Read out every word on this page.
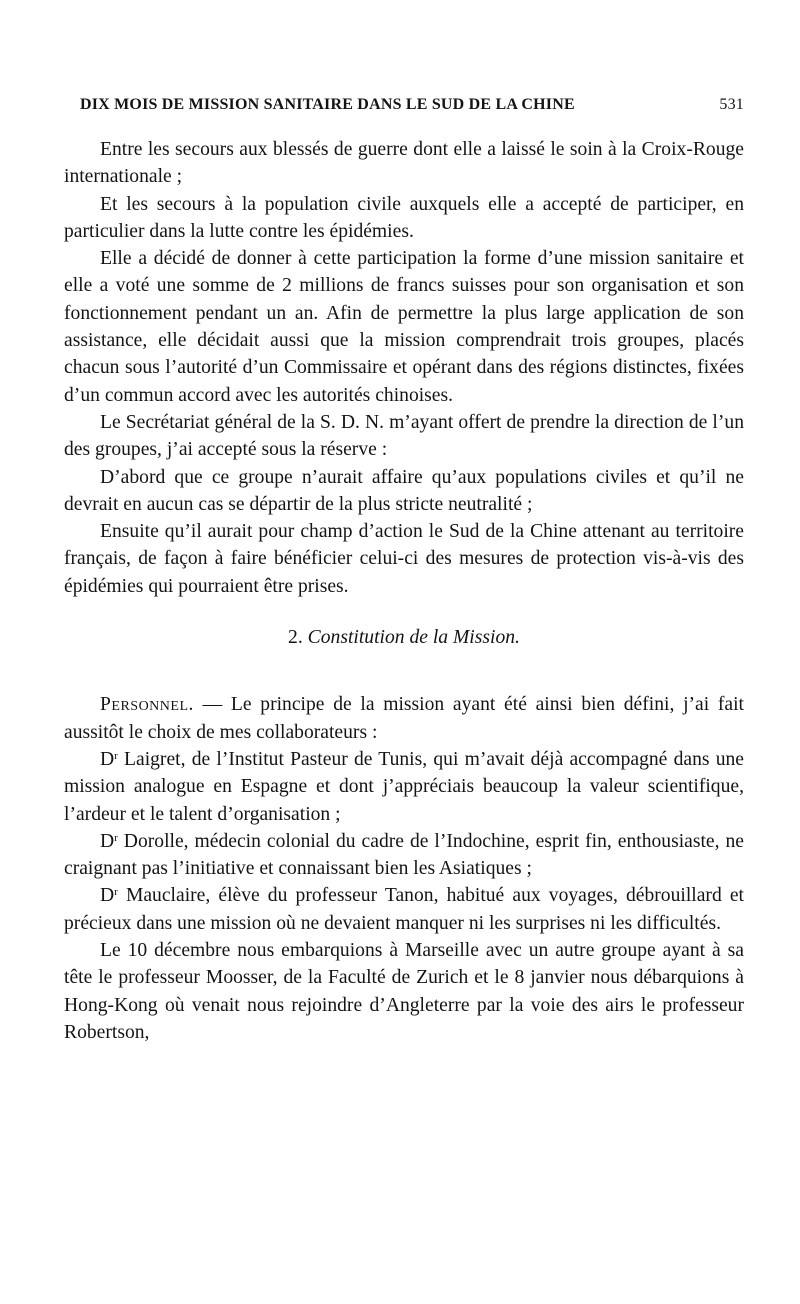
DIX MOIS DE MISSION SANITAIRE DANS LE SUD DE LA CHINE	531

Entre les secours aux blessés de guerre dont elle a laissé le soin à la Croix-Rouge internationale ;

Et les secours à la population civile auxquels elle a accepté de participer, en particulier dans la lutte contre les épidémies.

Elle a décidé de donner à cette participation la forme d’une mission sanitaire et elle a voté une somme de 2 millions de francs suisses pour son organisation et son fonctionnement pendant un an. Afin de permettre la plus large application de son assistance, elle décidait aussi que la mission comprendrait trois groupes, placés chacun sous l’autorité d’un Commissaire et opérant dans des régions distinctes, fixées d’un commun accord avec les autorités chinoises.

Le Secrétariat général de la S. D. N. m’ayant offert de prendre la direction de l’un des groupes, j’ai accepté sous la réserve :

D’abord que ce groupe n’aurait affaire qu’aux populations civiles et qu’il ne devrait en aucun cas se départir de la plus stricte neutralité ;

Ensuite qu’il aurait pour champ d’action le Sud de la Chine attenant au territoire français, de façon à faire bénéficier celui-ci des mesures de protection vis-à-vis des épidémies qui pourraient être prises.

2. Constitution de la Mission.

Personnel. — Le principe de la mission ayant été ainsi bien défini, j’ai fait aussitôt le choix de mes collaborateurs :

$D^r$ Laigret, de l’Institut Pasteur de Tunis, qui m’avait déjà accompagné dans une mission analogue en Espagne et dont j’appréciais beaucoup la valeur scientifique, l’ardeur et le talent d’organisation ;

$D^r$ Dorolle, médecin colonial du cadre de l’Indochine, esprit fin, enthousiaste, ne craignant pas l’initiative et connaissant bien les Asiatiques ;

$D^r$ Mauclaire, élève du professeur Tanon, habitué aux voyages, débrouillard et précieux dans une mission où ne devaient manquer ni les surprises ni les difficultés.

Le 10 décembre nous embarquions à Marseille avec un autre groupe ayant à sa tête le professeur Moosser, de la Faculté de Zurich et le 8 janvier nous débarquions à Hong-Kong où venait nous rejoindre d’Angleterre par la voie des airs le professeur Robertson,
